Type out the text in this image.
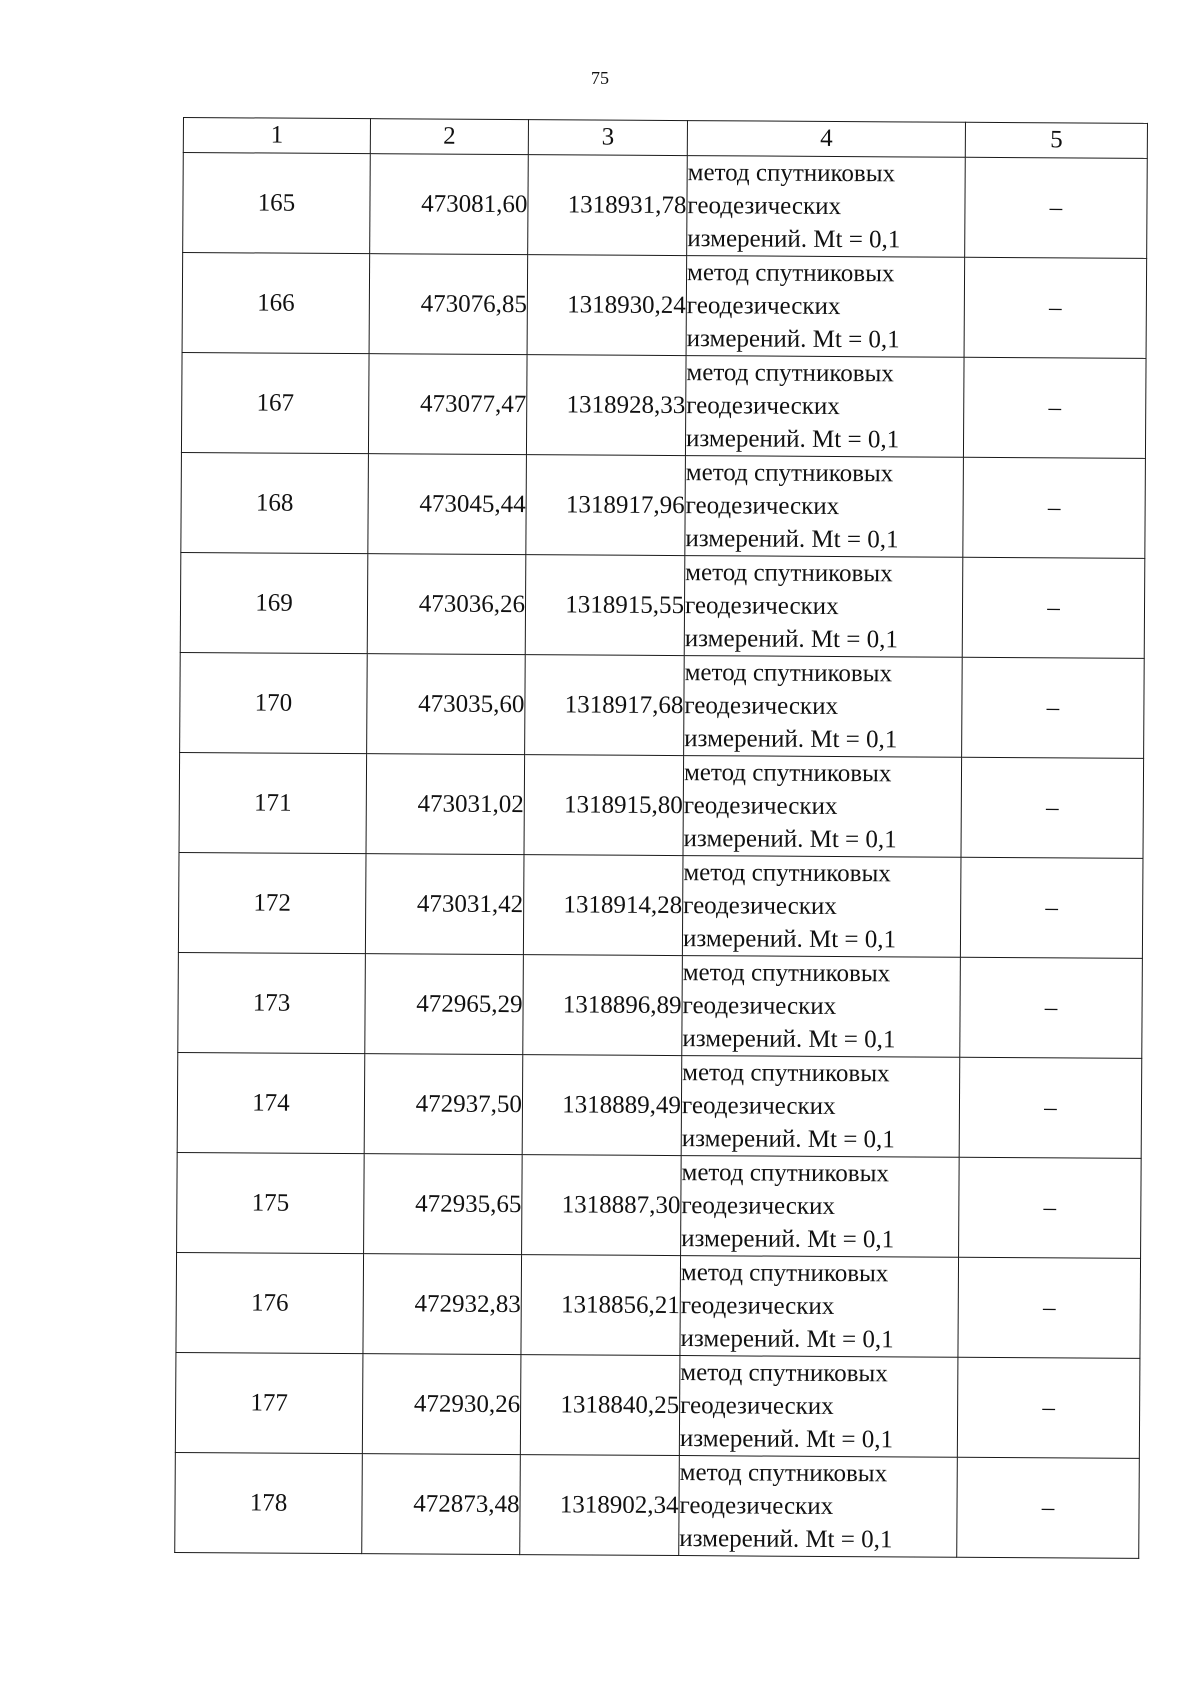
75
1	2	3	4	5
165	473081,60	1318931,78	метод спутниковых
геодезических
измерений. Mt = 0,1	–
166	473076,85	1318930,24	метод спутниковых
геодезических
измерений. Mt = 0,1	–
167	473077,47	1318928,33	метод спутниковых
геодезических
измерений. Mt = 0,1	–
168	473045,44	1318917,96	метод спутниковых
геодезических
измерений. Mt = 0,1	–
169	473036,26	1318915,55	метод спутниковых
геодезических
измерений. Mt = 0,1	–
170	473035,60	1318917,68	метод спутниковых
геодезических
измерений. Mt = 0,1	–
171	473031,02	1318915,80	метод спутниковых
геодезических
измерений. Mt = 0,1	–
172	473031,42	1318914,28	метод спутниковых
геодезических
измерений. Mt = 0,1	–
173	472965,29	1318896,89	метод спутниковых
геодезических
измерений. Mt = 0,1	–
174	472937,50	1318889,49	метод спутниковых
геодезических
измерений. Mt = 0,1	–
175	472935,65	1318887,30	метод спутниковых
геодезических
измерений. Mt = 0,1	–
176	472932,83	1318856,21	метод спутниковых
геодезических
измерений. Mt = 0,1	–
177	472930,26	1318840,25	метод спутниковых
геодезических
измерений. Mt = 0,1	–
178	472873,48	1318902,34	метод спутниковых
геодезических
измерений. Mt = 0,1	–
